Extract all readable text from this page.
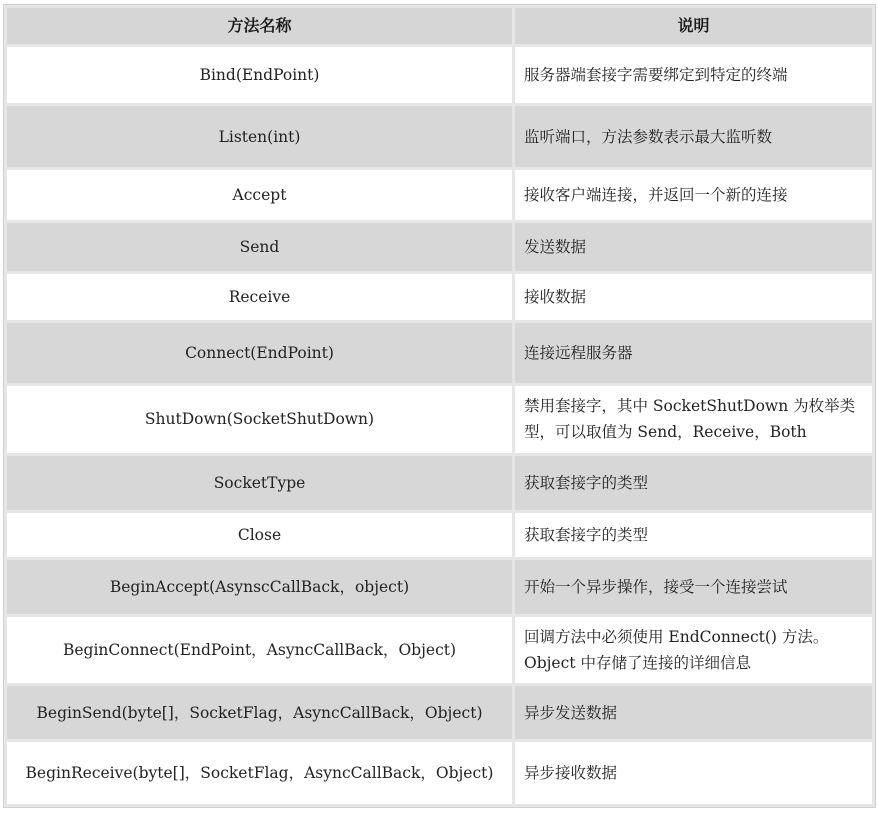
方法名称	说明
Bind(EndPoint)	服务器端套接字需要绑定到特定的终端
Listen(int)	监听端口，方法参数表示最大监听数
Accept	接收客户端连接，并返回一个新的连接
Send	发送数据
Receive	接收数据
Connect(EndPoint)	连接远程服务器
ShutDown(SocketShutDown)	禁用套接字，其中 SocketShutDown 为枚举类型，可以取值为 Send，Receive，Both
SocketType	获取套接字的类型
Close	获取套接字的类型
BeginAccept(AsynscCallBack，object)	开始一个异步操作，接受一个连接尝试
BeginConnect(EndPoint，AsyncCallBack，Object)	回调方法中必须使用 EndConnect() 方法。Object 中存储了连接的详细信息
BeginSend(byte[]，SocketFlag，AsyncCallBack，Object)	异步发送数据
BeginReceive(byte[]，SocketFlag，AsyncCallBack，Object)	异步接收数据
